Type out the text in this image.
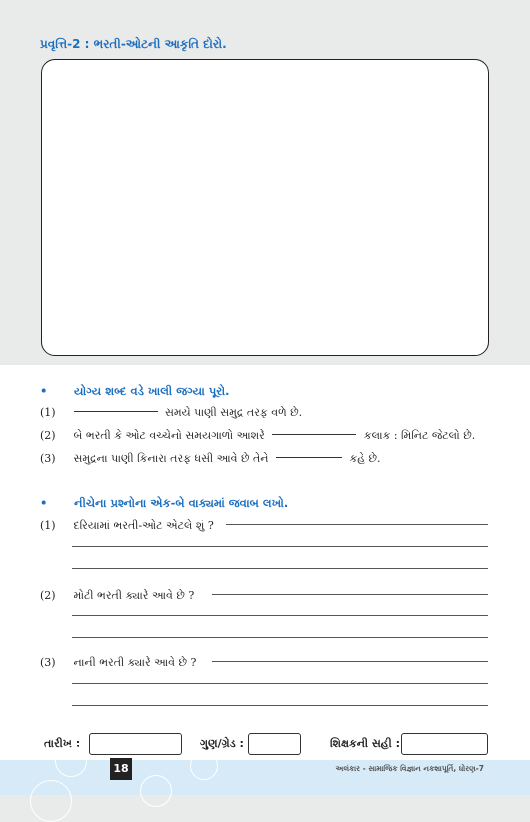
પ્રવૃત્તિ-2 : ભરતી-ઓટની આકૃતિ દોરો.
• યોગ્ય શબ્દ વડે ખાલી જગ્યા પૂરો.
(1)	સમયે પાણી સમુદ્ર તરફ વળે છે.
(2) બે ભરતી કે ઓટ વચ્ચેનો સમયગાળો આશરે	કલાક : મિનિટ જેટલો છે.
(3) સમુદ્રના પાણી કિનારા તરફ ધસી આવે છે તેને	કહે છે.
• નીચેના પ્રશ્નોના એક-બે વાક્યમાં જવાબ લખો.
(1) દરિયામાં ભરતી-ઓટ એટલે શું ?
(2) મોટી ભરતી ક્યારે આવે છે ?
(3) નાની ભરતી ક્યારે આવે છે ?
તારીખ :	ગુણ/ગ્રેડ :	શિક્ષકની સહી :
18	અલંકાર - સામાજિક વિજ્ઞાન નકશાપૂર્તિ, ધોરણ-7
